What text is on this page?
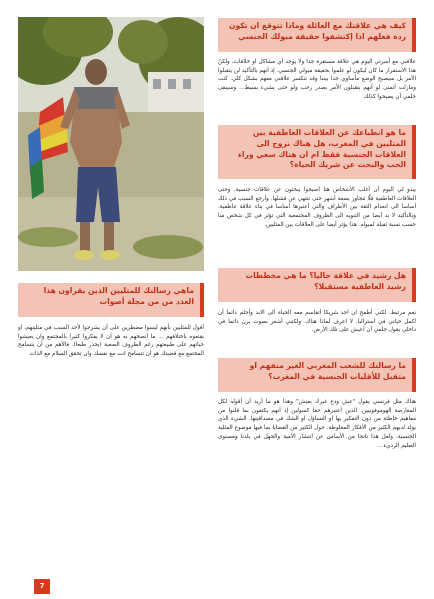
كيف هي علاقتك مع العائلة وماذا تتوقع ان تكون ردة فعلهم اذا إكتشفوا حقيقة ميولك الجنسي
علاقتي مع أسرتي اليوم هي علاقة مستقرة جدا ولا يوجد أي مشاكل او خلافات، ولكنّ هذا الاستقرار ما كان ليكون لو علموا بحقيقة ميولي الجنسي. إذ أنهم بالتأكيد لن يتقبلوا الأمر بل سيصبح الوضع مأساوي جدا بيننا وقد تنكسر علاقتي معهم بشكل كلي. كنت ومازلت أتمنى لو أنهم يتقبلون الأمر بصدر رحب ولو حتى بشيء بسيط... وسيبقى حلمي أن يصبحوا كذلك
ما هو انطباعك عن العلاقات العاطفية بين المثليين في المغرب، هل هناك نزوح الى العلاقات الجنسية فقط ام ان هناك سعي وراء الحب والبحث عن شريك الحياة؟
يبدو لي اليوم أن أغلب الأشخاص هنا اصبحوا يبحثون عن علاقات جنسية. وحتى العلاقات العاطفية قلّا تتجاوز بضعة أشهر حتى تنتهي عن فشلها. وأرجع السبب في ذلك أساسا الى انعدام الثقة بين الأطراف والتي أعتبرها أساسا في بناء علاقة عاطفية. وبالتأكيد لا بد أيضا من التنويه الى الظروف المجتمعية التي تؤثر في كل شخص منا حسب نسبة ثقيلة لميوله. هذا يؤثر أيضا على العلاقات بين المثليين.
هل رشيد في علاقة حاليا؟ ما هي مخططات رشيد العاطفية مستقبلا؟
نعم مرتبط. لكني أطمح ان اجد شريكا أتقاسم معه الحياة الى الابد وأحلم دائما أن اكمل حياتي في استراليا. لا اعرف لماذا هناك. ولكنني أشعر بصوت يرن دائما في داخلي يقول حلمي أن أعيش على تلك الأرض.
ما رسالتك للشعب المغربي الغير متفهم او متقبل للأقليات الجنسية في المغرب؟
هناك مثل فرنسي يقول "عش ودع غيرك يعيش" وهذا هو ما أريد أن أقوله لكل المعارضة الهوموفوبيين. الذين أعتبرهم حقا كسولين إذ أنهم يكتفون بما قلنوا من مفاهيم خاطئة من دون التفكير بها او التساؤل او الشك في مصداقيتها. الشيء الذي يولد لديهم الكثير من الأفكار المغلوطة. حول الكثير من القضايا بما فيها موضوع المثلية الجنسية. ولعل هذا ناتجا من الأساس عن انتشار الأمية والجهل في بلدنا ومستوى التعليم الرديء...
ماهي رسالتك للمثليين الذين يقراون هذا العدد من من مجلة أصوات
أقول للمثليين بأنهم ليسوا مضطرين على أن يشرحوا لأحد السبب في مثليتهم، او يقنعوه باختلافهم ... ما أنصحهم به هو أن لا يفكروا كثيرا بالمجتمع وان يعيشوا حياتهم على طبيعتهم رغم الظروف الصعبة (بحذر طبعا). فالأهم من أن يتسامح المجتمع مع قضيتك هو أن تتسامح انت مع نفسك وان تحقق السلام مع الذات
7
